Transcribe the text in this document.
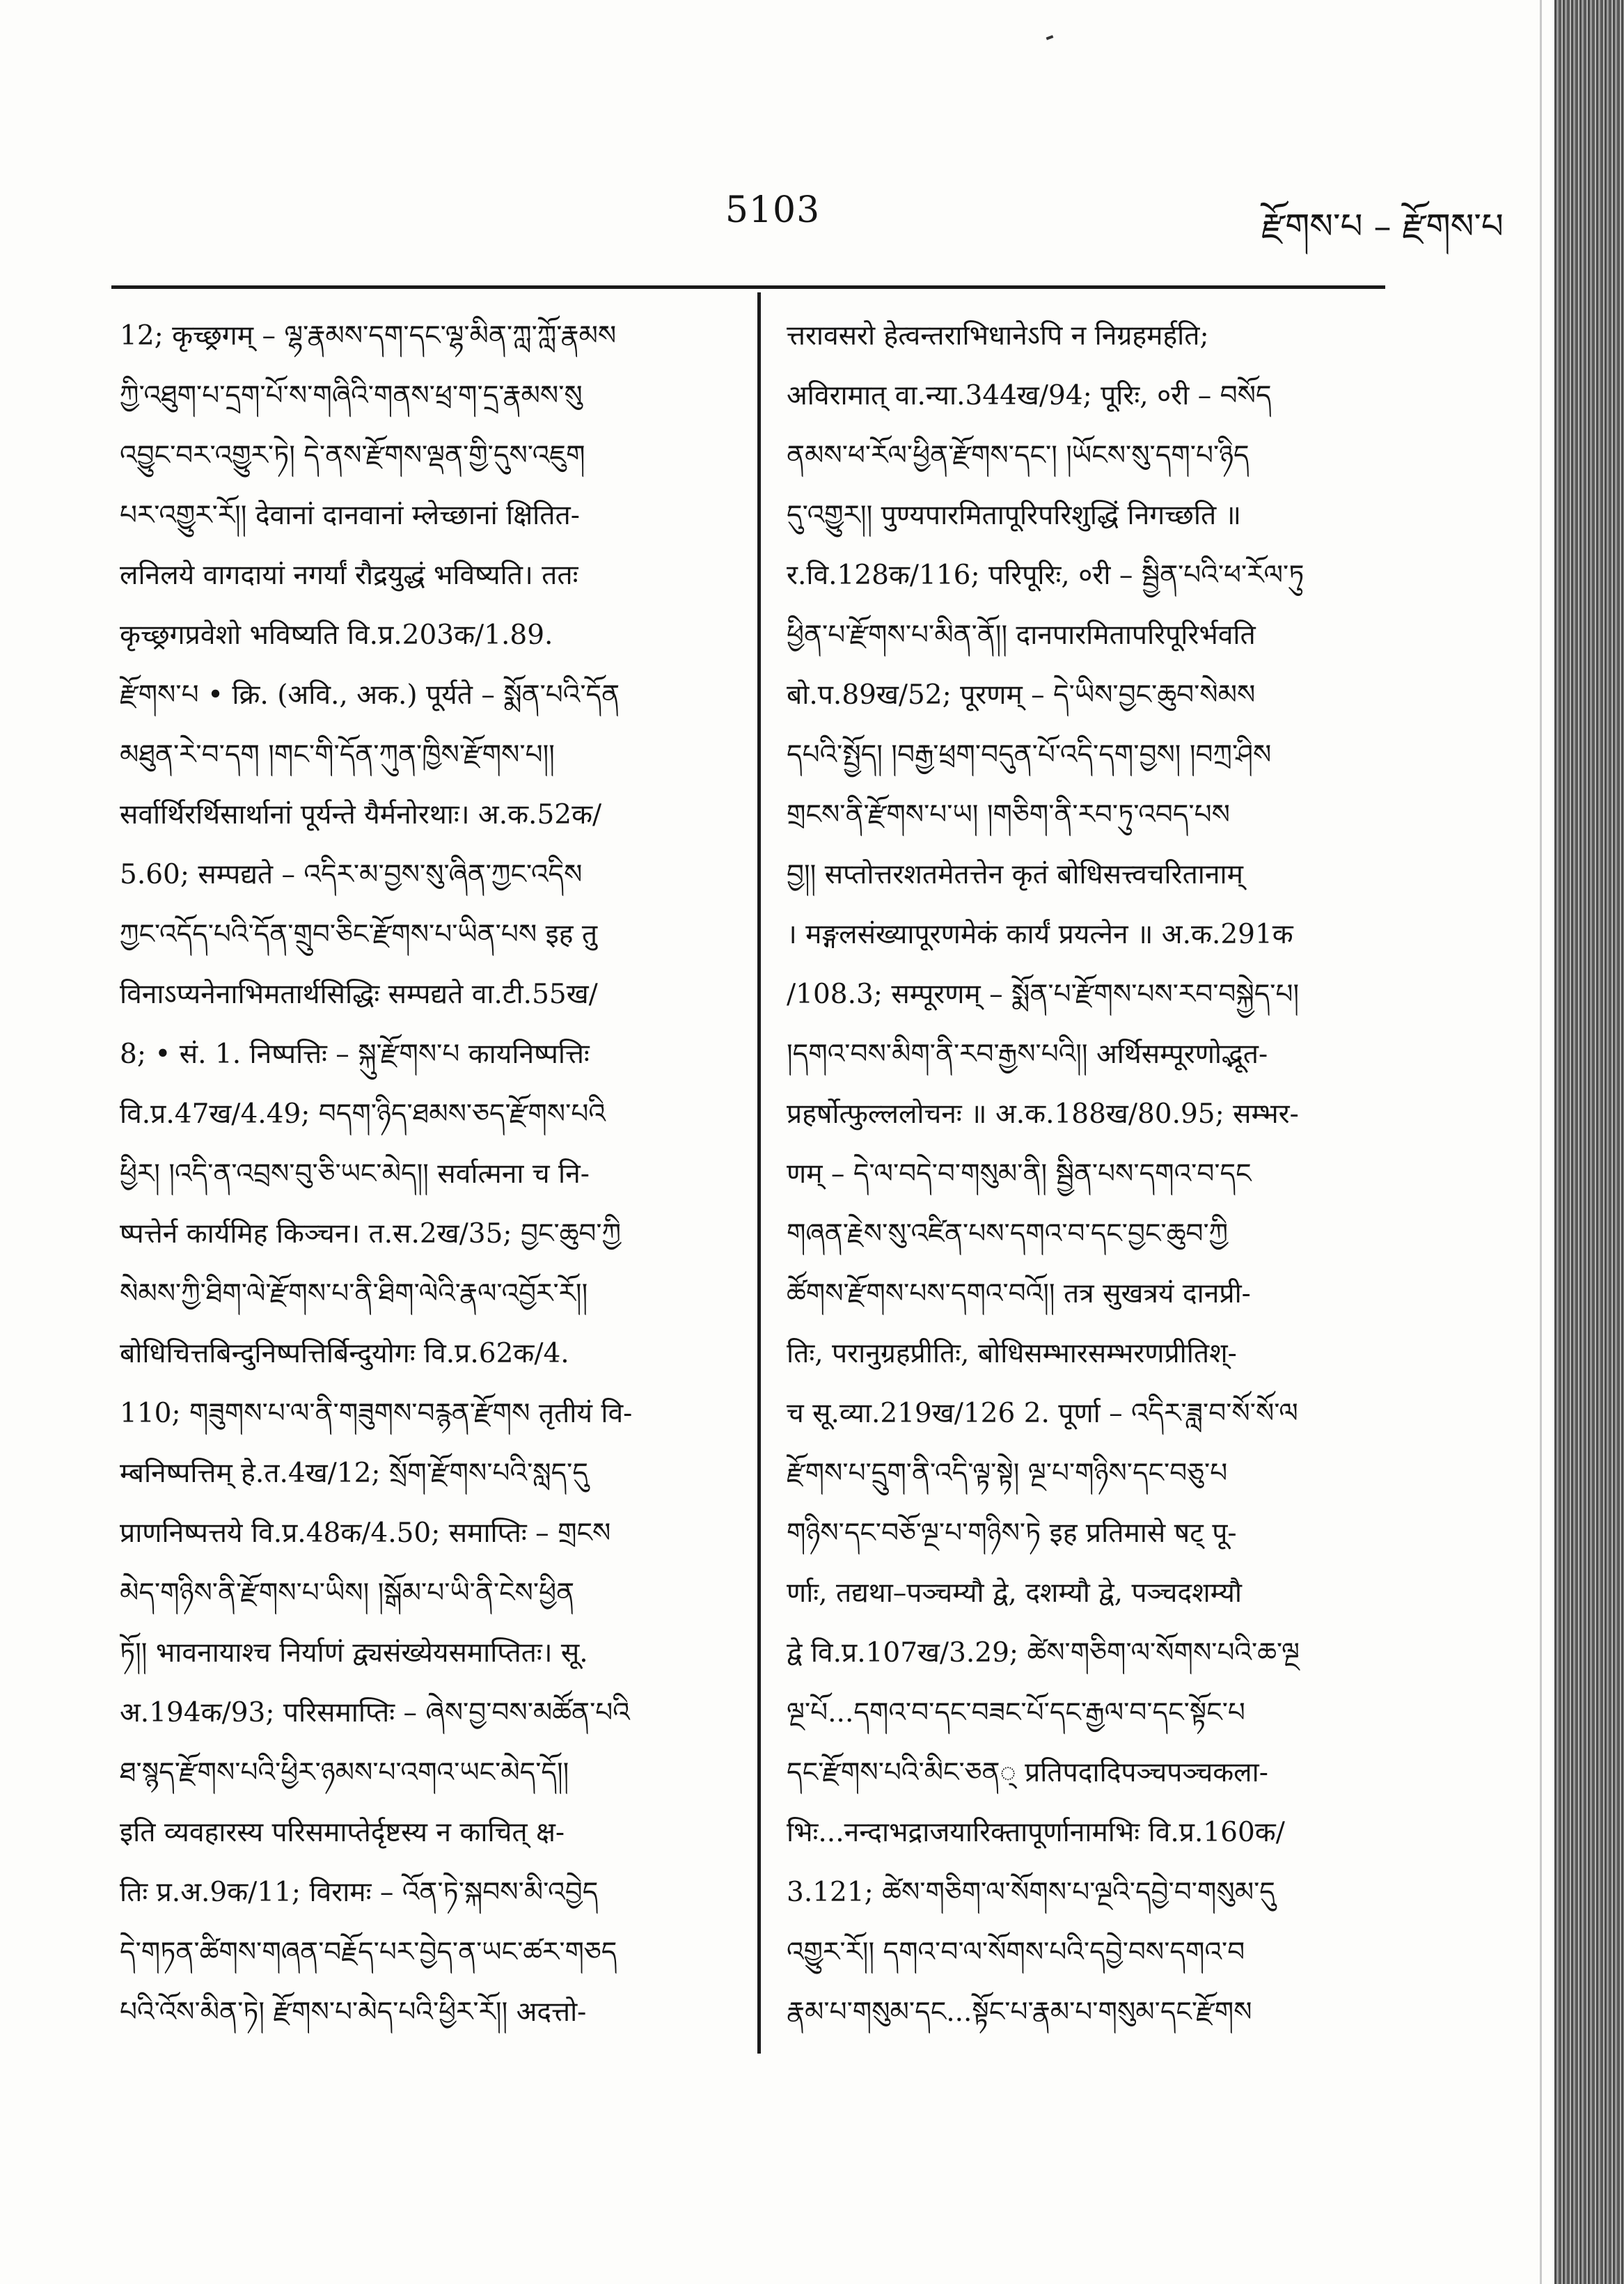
5103	རྫོགས་པ – རྫོགས་པ
12; कृच्छ्रगम् – ལྷ་རྣམས་དག་དང་ལྷ་མིན་ཀླ་ཀློ་རྣམས
ཀྱི་འཐུག་པ་དྲག་པོ་ས་གཞིའི་གནས་ཕྲ་ག་དྲ་རྣམས་སུ
འབྱུང་བར་འགྱུར་ཏེ། དེ་ནས་རྫོགས་ལྡན་གྱི་དུས་འཇུག
པར་འགྱུར་རོ།། देवानां दानवानां म्लेच्छानां क्षितित-
लनिलये वागदायां नगर्यां रौद्रयुद्धं भविष्यति। ततः
कृच्छ्रगप्रवेशो भविष्यति वि.प्र.203क/1.89.
རྫོགས་པ • क्रि. (अवि., अक.) पूर्यते – སྨོན་པའི་དོན
མཐུན་རེ་བ་དག །གང་གི་དོན་ཀུན་ཁྱིས་རྫོགས་པ།།
सर्वार्थिरर्थिसार्थानां पूर्यन्ते यैर्मनोरथाः। अ.क.52क/
5.60; सम्पद्यते – འདིར་མ་བྱས་སུ་ཞིན་ཀྱང་འདིས
ཀྱང་འདོད་པའི་དོན་གྲུབ་ཅིང་རྫོགས་པ་ཡིན་པས इह तु
विनाऽप्यनेनाभिमतार्थसिद्धिः सम्पद्यते वा.टी.55ख/
8; • सं. 1. निष्पत्तिः – སྐུ་རྫོགས་པ कायनिष्पत्तिः
वि.प्र.47ख/4.49; བདག་ཉིད་ཐམས་ཅད་རྫོགས་པའི
ཕྱིར། །འདི་ན་འབྲས་བུ་ཅི་ཡང་མེད།། सर्वात्मना च नि-
ष्पत्तेर्न कार्यमिह किञ्चन। त.स.2ख/35; བྱང་ཆུབ་ཀྱི
སེམས་ཀྱི་ཐིག་ལེ་རྫོགས་པ་ནི་ཐིག་ལེའི་རྣལ་འབྱོར་རོ།།
बोधिचित्तबिन्दुनिष्पत्तिर्बिन्दुयोगः वि.प्र.62क/4.
110; གཟུགས་པ་ལ་ནི་གཟུགས་བརྙན་རྫོགས तृतीयं वि-
म्बनिष्पत्तिम् हे.त.4ख/12; སྲོག་རྫོགས་པའི་སླད་དུ
प्राणनिष्पत्तये वि.प्र.48क/4.50; समाप्तिः – གྲངས
མེད་གཉིས་ནི་རྫོགས་པ་ཡིས། །སྒོམ་པ་ཡི་ནི་ངེས་ཕྱིན
ཏོ།། भावनायाश्च निर्याणं द्व्यसंख्येयसमाप्तितः। सू.
अ.194क/93; परिसमाप्तिः – ཞེས་བྱ་བས་མཚོན་པའི
ཐ་སྙད་རྫོགས་པའི་ཕྱིར་ཉམས་པ་འགའ་ཡང་མེད་དོ།།
इति व्यवहारस्य परिसमाप्तेर्दृष्टस्य न काचित् क्ष-
तिः प्र.अ.9क/11; विरामः – འོན་ཏེ་སྐབས་མི་འབྱེད
དེ་གཏན་ཚིགས་གཞན་བརྗོད་པར་བྱེད་ན་ཡང་ཚར་གཅད
པའི་འོས་མིན་ཏེ། རྫོགས་པ་མེད་པའི་ཕྱིར་རོ།། अदत्तो-
त्तरावसरो हेत्वन्तराभिधानेऽपि न निग्रहमर्हति;
अविरामात् वा.न्या.344ख/94; पूरिः, ०री – བསོད
ནམས་ཕ་རོལ་ཕྱིན་རྫོགས་དང་། །ཡོངས་སུ་དག་པ་ཉིད
དུ་འགྱུར།། पुण्यपारमितापूरिपरिशुद्धिं निगच्छति ॥
र.वि.128क/116; परिपूरिः, ०री – སྦྱིན་པའི་ཕ་རོལ་ཏུ
ཕྱིན་པ་རྫོགས་པ་མིན་ནོ།། दानपारमितापरिपूरिर्भवति
बो.प.89ख/52; पूरणम् – དེ་ཡིས་བྱང་ཆུབ་སེམས
དཔའི་སྤྱོད། །བརྒྱ་ཕྲག་བདུན་པོ་འདི་དག་བྱས། །བཀྲ་ཤིས
གྲངས་ནི་རྫོགས་པ་ཡ། །གཅིག་ནི་རབ་ཏུ་འབད་པས
བྱ།། सप्तोत्तरशतमेतत्तेन कृतं बोधिसत्त्वचरितानाम्
। मङ्गलसंख्यापूरणमेकं कार्यं प्रयत्नेन ॥ अ.क.291क
/108.3; सम्पूरणम् – སྨོན་པ་རྫོགས་པས་རབ་བསྐྱེད་པ།
།དགའ་བས་མིག་ནི་རབ་རྒྱས་པའི།། अर्थिसम्पूरणोद्भूत-
प्रहर्षोत्फुल्ललोचनः ॥ अ.क.188ख/80.95; सम्भर-
णम् – དེ་ལ་བདེ་བ་གསུམ་ནི། སྦྱིན་པས་དགའ་བ་དང
གཞན་རྗེས་སུ་འཛིན་པས་དགའ་བ་དང་བྱང་ཆུབ་ཀྱི
ཚོགས་རྫོགས་པས་དགའ་བའོ།། तत्र सुखत्रयं दानप्री-
तिः, परानुग्रहप्रीतिः, बोधिसम्भारसम्भरणप्रीतिश्-
च सू.व्या.219ख/126 2. पूर्णा – འདིར་ཟླ་བ་སོ་སོ་ལ
རྫོགས་པ་དྲུག་ནི་འདི་ལྟ་སྟེ། ལྔ་པ་གཉིས་དང་བཅུ་པ
གཉིས་དང་བཅོ་ལྔ་པ་གཉིས་ཏེ इह प्रतिमासे षट् पू-
र्णाः, तद्यथा–पञ्चम्यौ द्वे, दशम्यौ द्वे, पञ्चदशम्यौ
द्वे वि.प्र.107ख/3.29; ཚེས་གཅིག་ལ་སོགས་པའི་ཆ་ལྔ
ལྔ་པོ...དགའ་བ་དང་བཟང་པོ་དང་རྒྱལ་བ་དང་སྟོང་པ
དང་རྫོགས་པའི་མིང་ཅན् प्रतिपदादिपञ्चपञ्चकला-
भिः...नन्दाभद्राजयारिक्तापूर्णानामभिः वि.प्र.160क/
3.121; ཚེས་གཅིག་ལ་སོགས་པ་ལྔའི་དབྱེ་བ་གསུམ་དུ
འགྱུར་རོ།། དགའ་བ་ལ་སོགས་པའི་དབྱེ་བས་དགའ་བ
རྣམ་པ་གསུམ་དང...སྟོང་པ་རྣམ་པ་གསུམ་དང་རྫོགས
